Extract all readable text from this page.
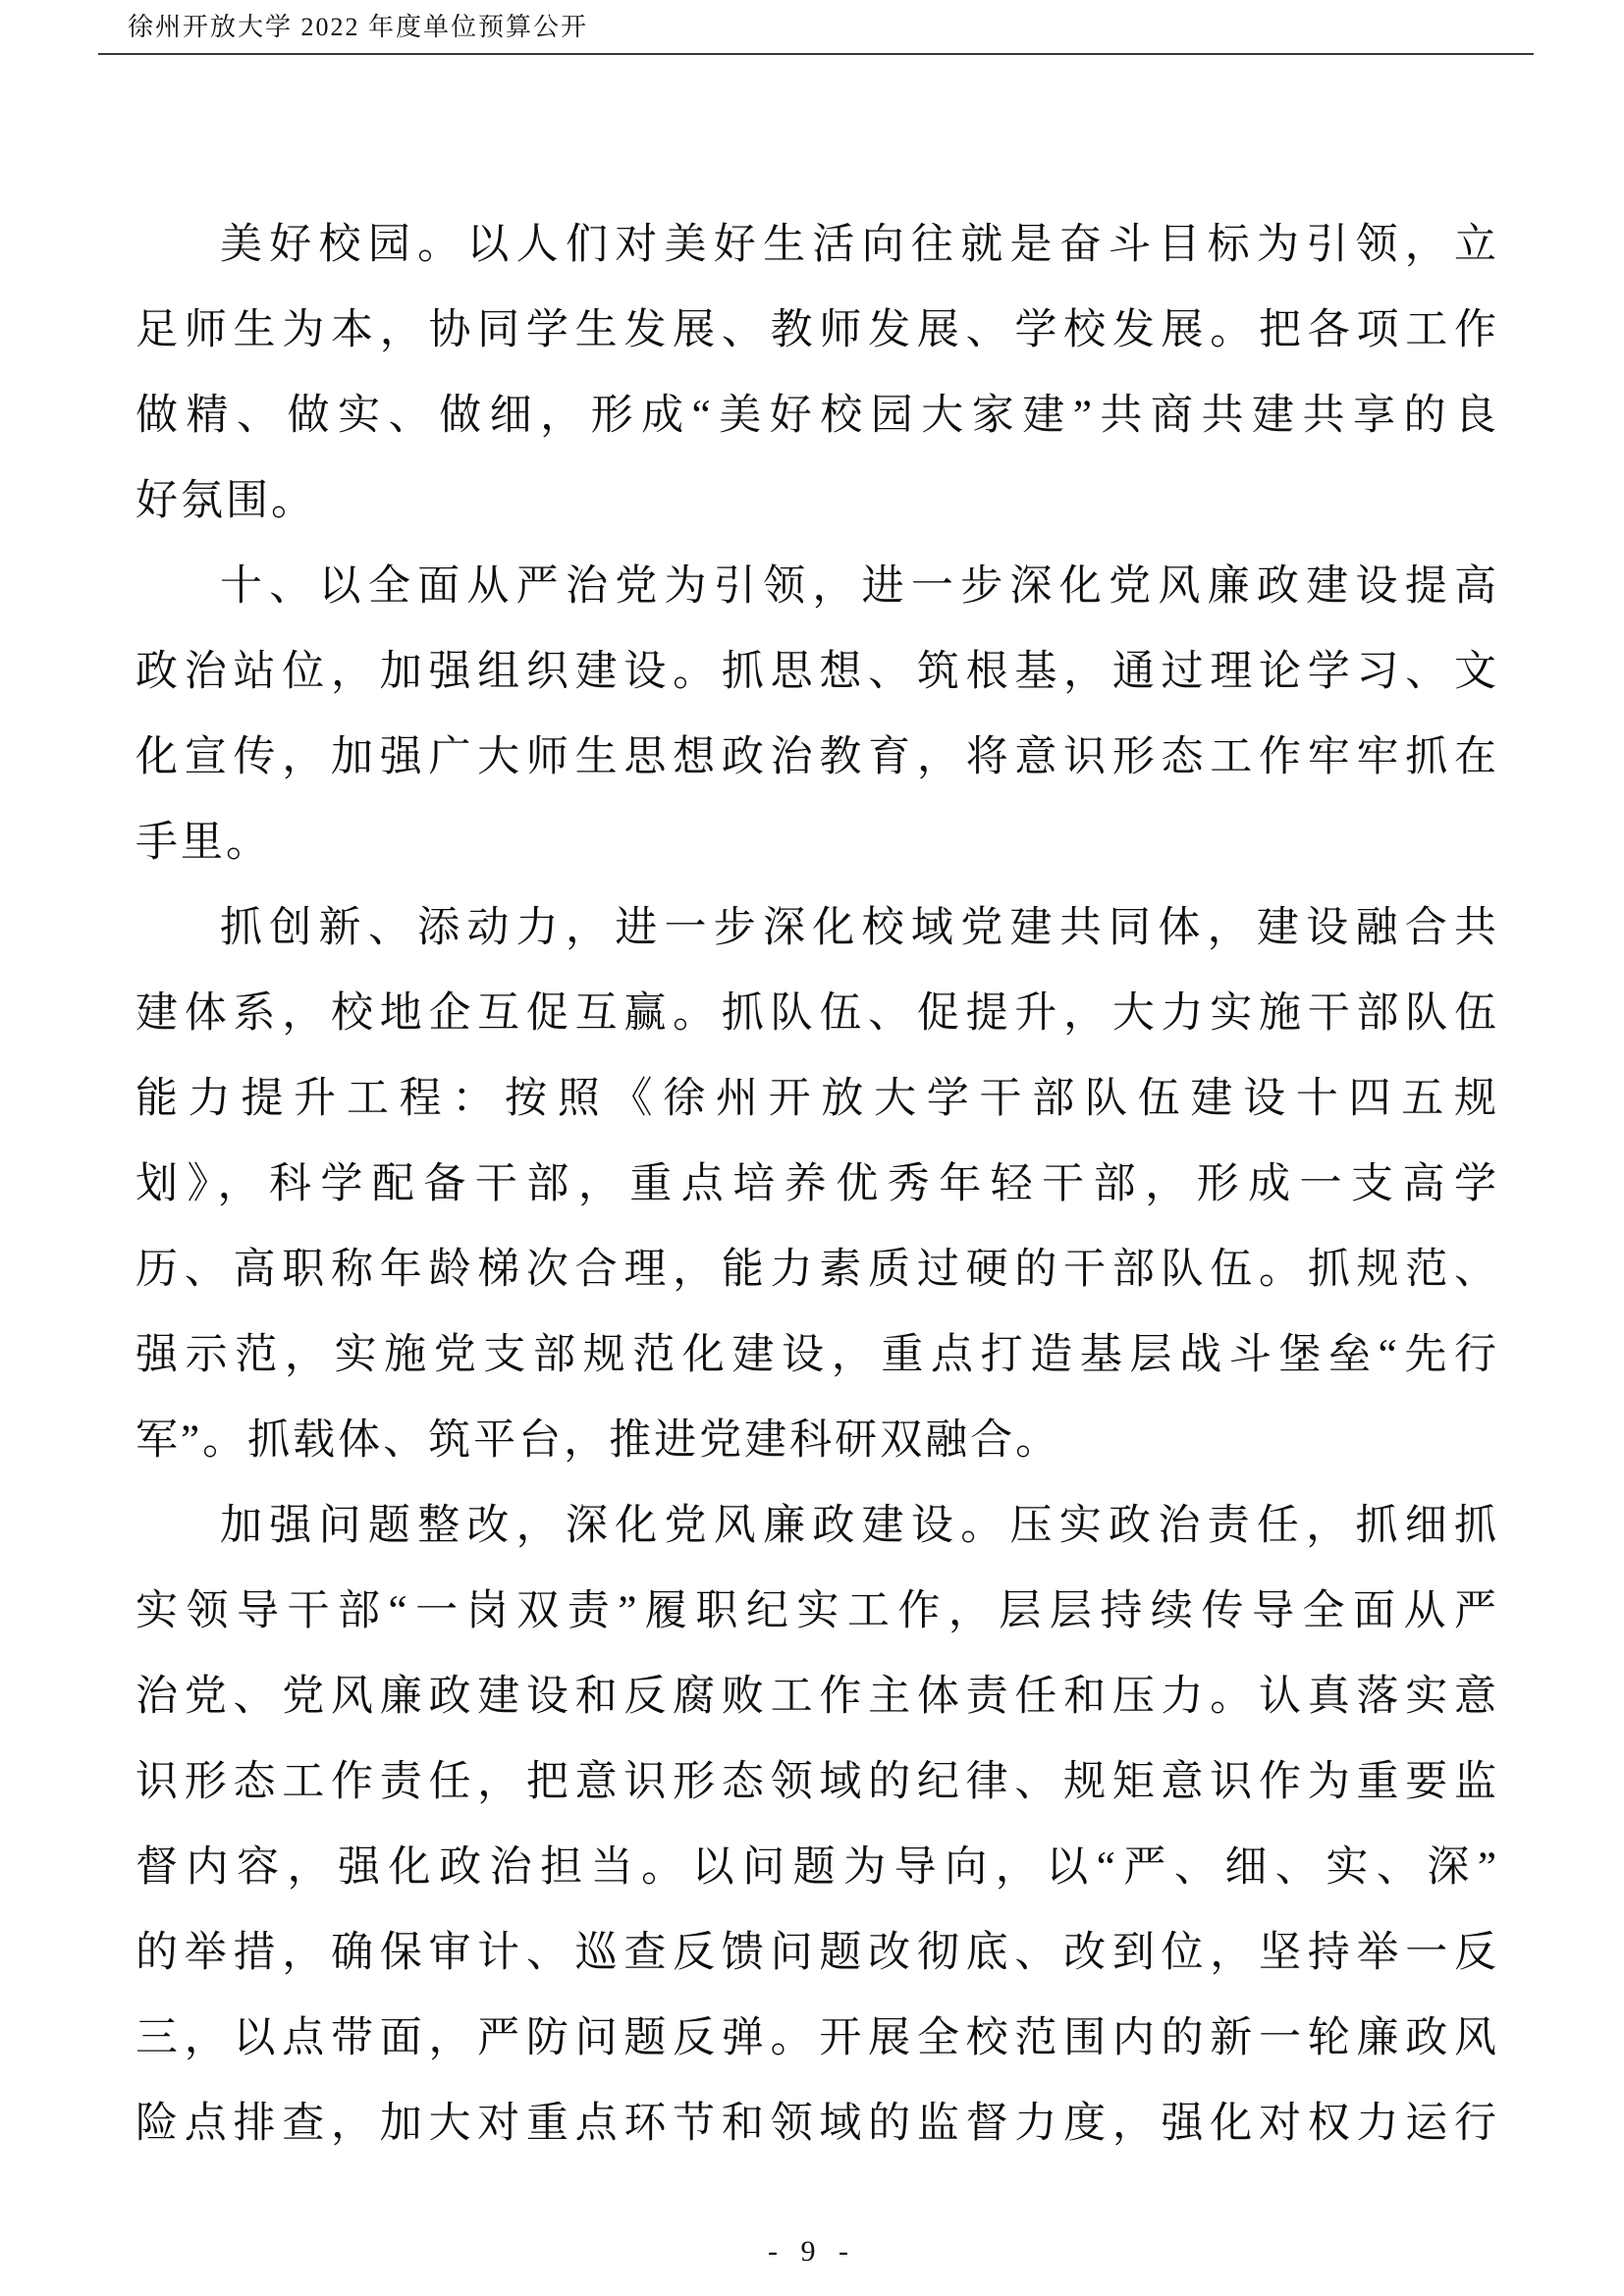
徐州开放大学 2022 年度单位预算公开
美好校园。以人们对美好生活向往就是奋斗目标为引领，立
足师生为本，协同学生发展、教师发展、学校发展。把各项工作
做精、做实、做细，形成“美好校园大家建”共商共建共享的良
好氛围。
十、以全面从严治党为引领，进一步深化党风廉政建设提高
政治站位，加强组织建设。抓思想、筑根基，通过理论学习、文
化宣传，加强广大师生思想政治教育，将意识形态工作牢牢抓在
手里。
抓创新、添动力，进一步深化校域党建共同体，建设融合共
建体系，校地企互促互赢。抓队伍、促提升，大力实施干部队伍
能力提升工程：按照《徐州开放大学干部队伍建设十四五规
划》，科学配备干部，重点培养优秀年轻干部，形成一支高学
历、高职称年龄梯次合理，能力素质过硬的干部队伍。抓规范、
强示范，实施党支部规范化建设，重点打造基层战斗堡垒“先行
军”。抓载体、筑平台，推进党建科研双融合。
加强问题整改，深化党风廉政建设。压实政治责任，抓细抓
实领导干部“一岗双责”履职纪实工作，层层持续传导全面从严
治党、党风廉政建设和反腐败工作主体责任和压力。认真落实意
识形态工作责任，把意识形态领域的纪律、规矩意识作为重要监
督内容，强化政治担当。以问题为导向，以“严、细、实、深”
的举措，确保审计、巡查反馈问题改彻底、改到位，坚持举一反
三，以点带面，严防问题反弹。开展全校范围内的新一轮廉政风
险点排查，加大对重点环节和领域的监督力度，强化对权力运行
- 9 -
